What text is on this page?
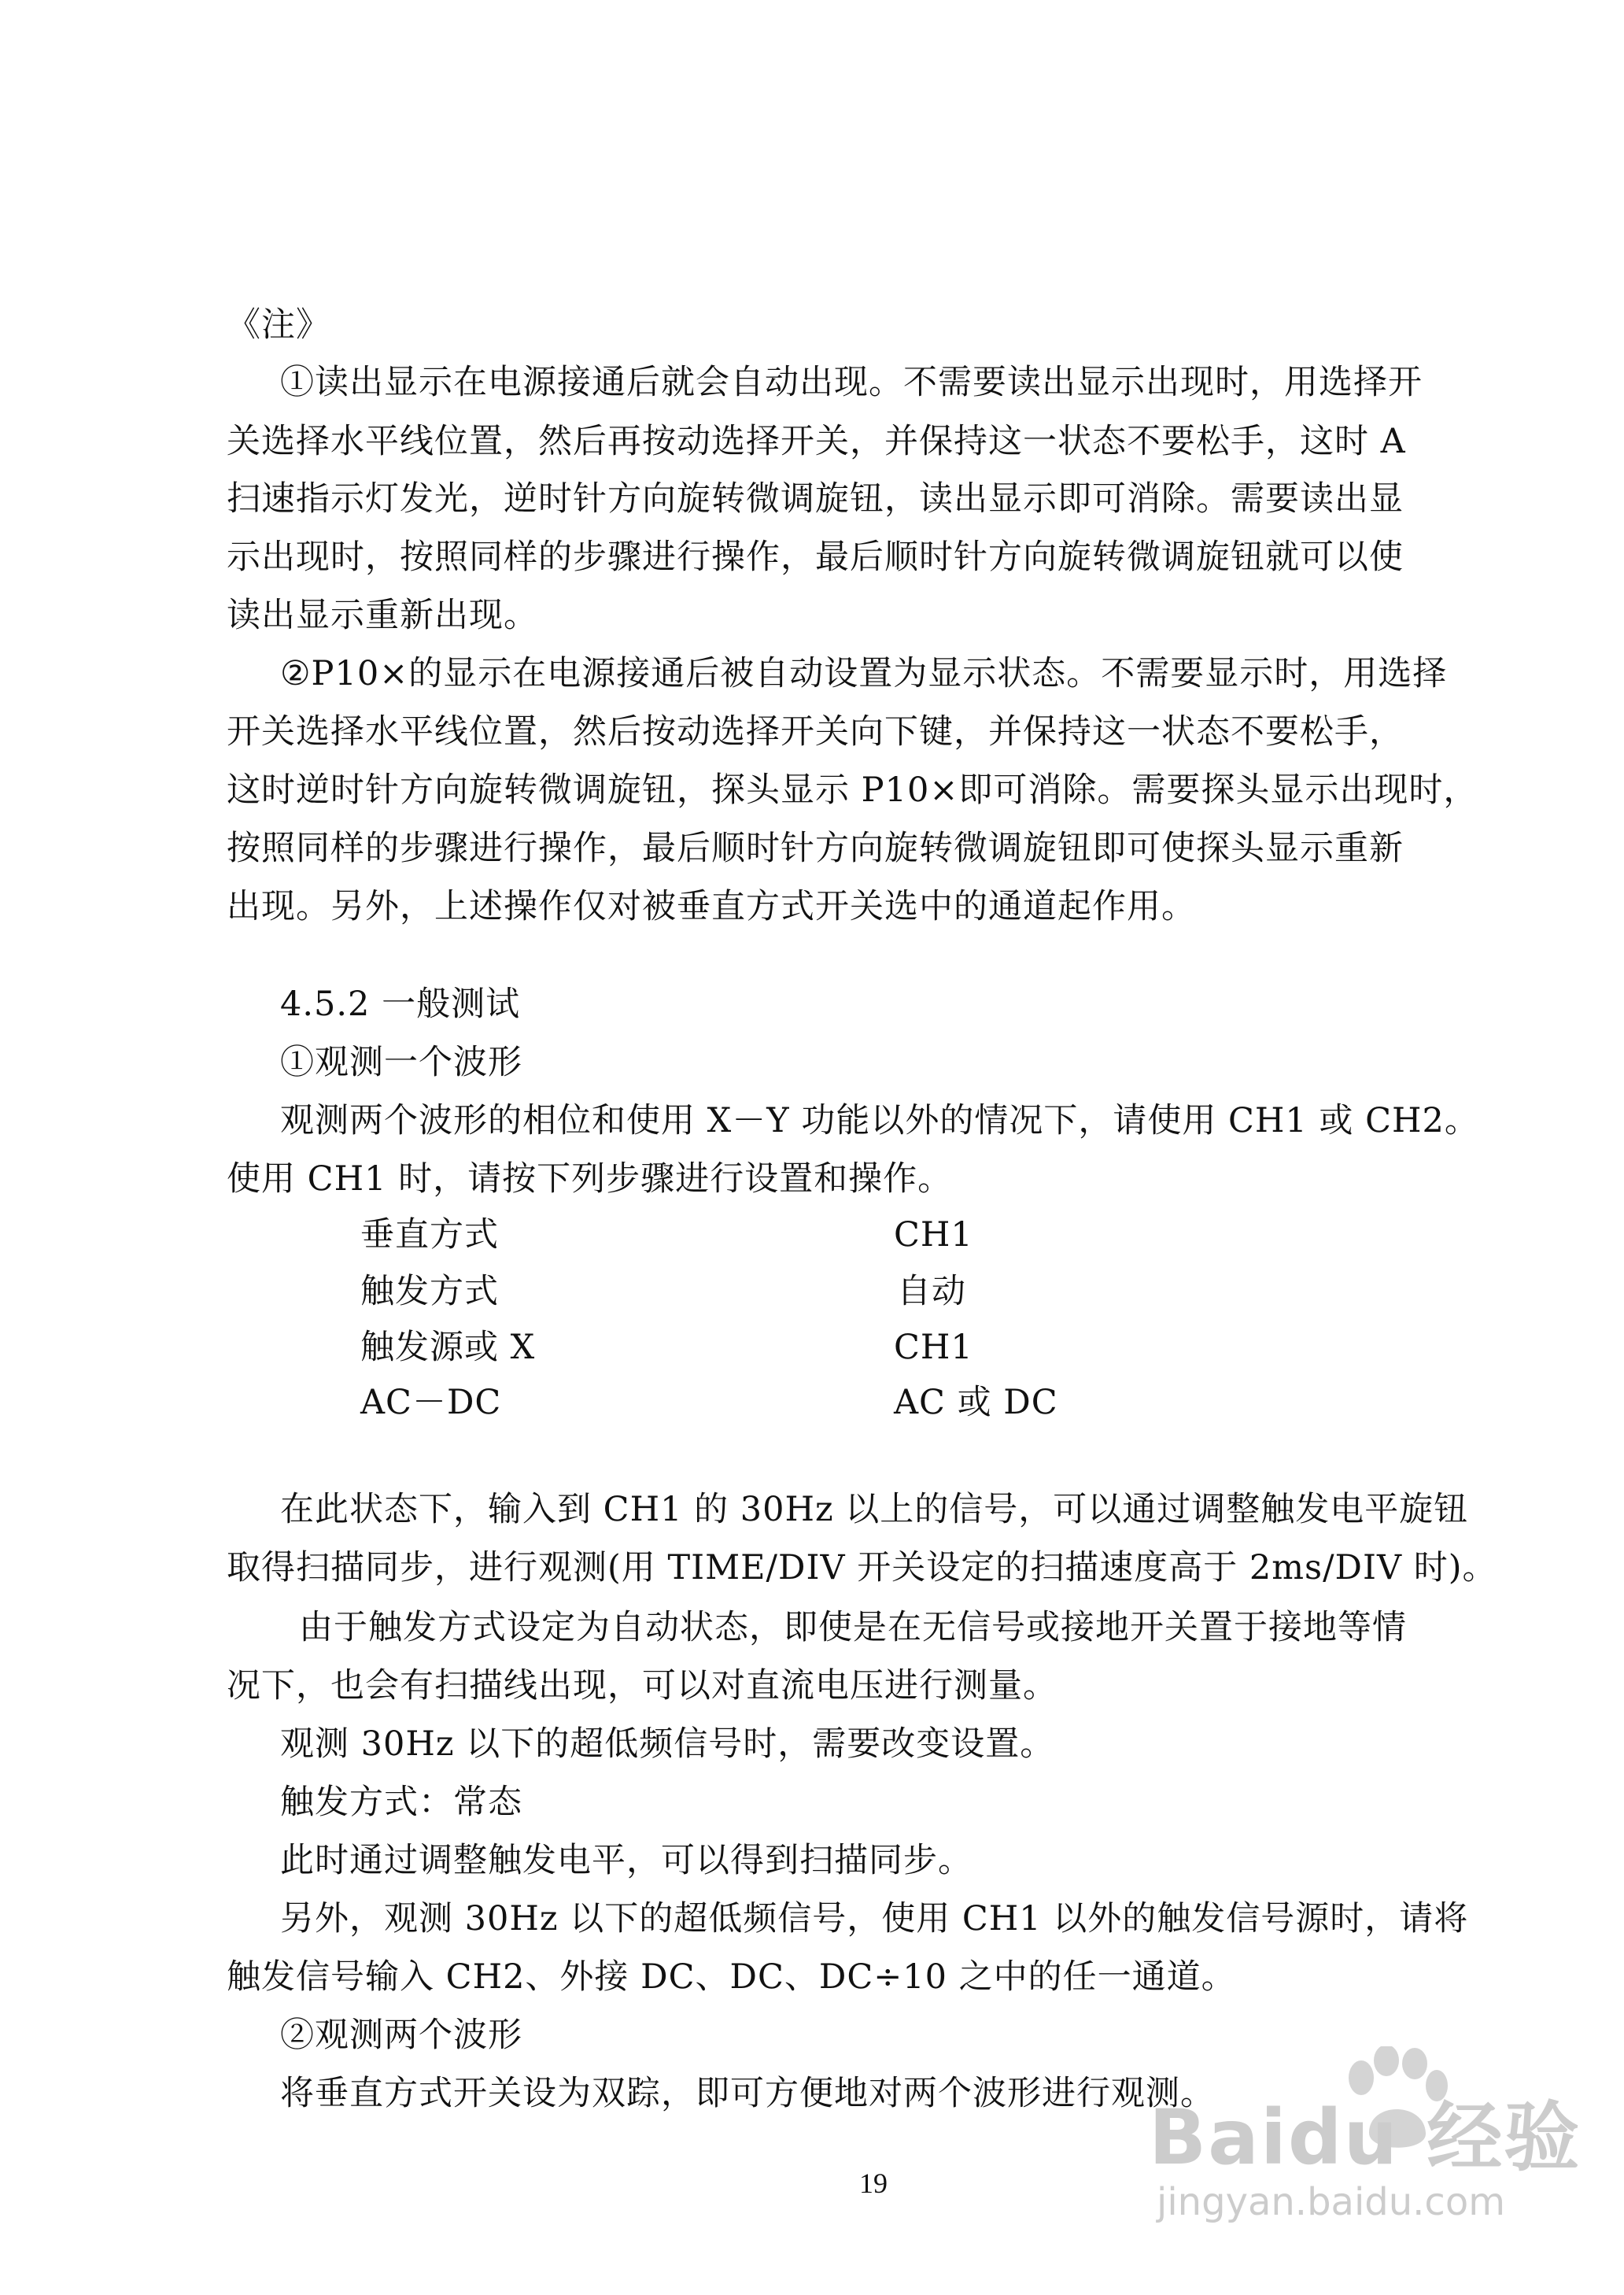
《注》
①读出显示在电源接通后就会自动出现。不需要读出显示出现时，用选择开
关选择水平线位置，然后再按动选择开关，并保持这一状态不要松手，这时 A
扫速指示灯发光，逆时针方向旋转微调旋钮，读出显示即可消除。需要读出显
示出现时，按照同样的步骤进行操作，最后顺时针方向旋转微调旋钮就可以使
读出显示重新出现。
②P10×的显示在电源接通后被自动设置为显示状态。不需要显示时，用选择
开关选择水平线位置，然后按动选择开关向下键，并保持这一状态不要松手，
这时逆时针方向旋转微调旋钮，探头显示 P10×即可消除。需要探头显示出现时，
按照同样的步骤进行操作，最后顺时针方向旋转微调旋钮即可使探头显示重新
出现。另外，上述操作仅对被垂直方式开关选中的通道起作用。
4.5.2 一般测试
①观测一个波形
观测两个波形的相位和使用 X－Y 功能以外的情况下，请使用 CH1 或 CH2。
使用 CH1 时，请按下列步骤进行设置和操作。
垂直方式	CH1
触发方式	自动
触发源或 X	CH1
AC－DC	AC 或 DC
在此状态下，输入到 CH1 的 30Hz 以上的信号，可以通过调整触发电平旋钮
取得扫描同步，进行观测(用 TIME/DIV 开关设定的扫描速度高于 2ms/DIV 时)。
由于触发方式设定为自动状态，即使是在无信号或接地开关置于接地等情
况下，也会有扫描线出现，可以对直流电压进行测量。
观测 30Hz 以下的超低频信号时，需要改变设置。
触发方式：常态
此时通过调整触发电平，可以得到扫描同步。
另外，观测 30Hz 以下的超低频信号，使用 CH1 以外的触发信号源时，请将
触发信号输入 CH2、外接 DC、DC、DC÷10 之中的任一通道。
②观测两个波形
将垂直方式开关设为双踪，即可方便地对两个波形进行观测。
19
Baidu 经验
jingyan.baidu.com
